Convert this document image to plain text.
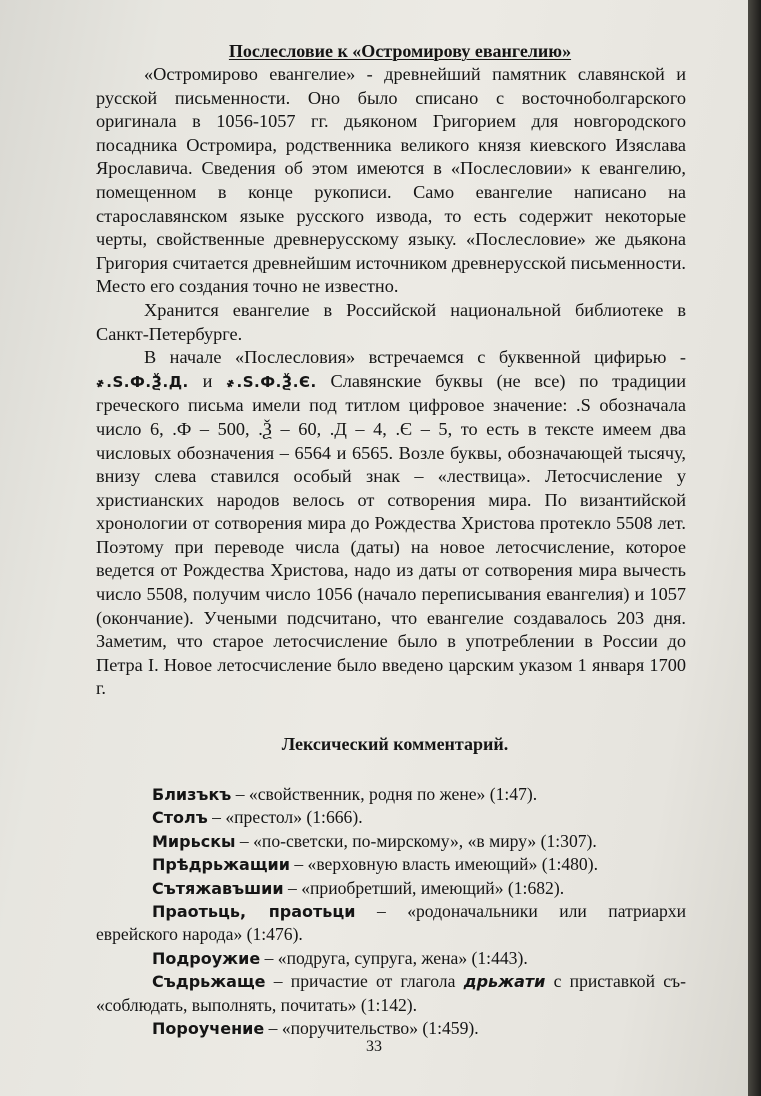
Послесловие к «Остромирову евангелию»

«Остромирово евангелие» - древнейший памятник славянской и русской письменности. Оно было списано с восточноболгарского оригинала в 1056-1057 гг. дьяконом Григорием для новгородского посадника Остромира, родственника великого князя киевского Изяслава Ярославича. Сведения об этом имеются в «Послесловии» к евангелию, помещенном в конце рукописи. Само евангелие написано на старославянском языке русского извода, то есть содержит некоторые черты, свойственные древнерусскому языку. «Послесловие» же дьякона Григория считается древнейшим источником древнерусской письменности. Место его создания точно не известно.

Хранится евангелие в Российской национальной библиотеке в Санкт-Петербурге.

В начале «Послесловия» встречаемся с буквенной цифирью - ҂.Ѕ.Ф.Ѯ.Д. и ҂.Ѕ.Ф.Ѯ.Є. Славянские буквы (не все) по традиции греческого письма имели под титлом цифровое значение: .Ѕ обозначала число 6, .Ф – 500, .Ѯ – 60, .Д – 4, .Є – 5, то есть в тексте имеем два числовых обозначения – 6564 и 6565. Возле буквы, обозначающей тысячу, внизу слева ставился особый знак – «лествица». Летосчисление у христианских народов велось от сотворения мира. По византийской хронологии от сотворения мира до Рождества Христова протекло 5508 лет. Поэтому при переводе числа (даты) на новое летосчисление, которое ведется от Рождества Христова, надо из даты от сотворения мира вычесть число 5508, получим число 1056 (начало переписывания евангелия) и 1057 (окончание). Учеными подсчитано, что евангелие создавалось 203 дня. Заметим, что старое летосчисление было в употреблении в России до Петра I. Новое летосчисление было введено царским указом 1 января 1700 г.

Лексический комментарий.

Близъкъ – «свойственник, родня по жене» (1:47).

Столъ – «престол» (1:666).

Мирьскы – «по-светски, по-мирскому», «в миру» (1:307).

Прѣдрьжащии – «верховную власть имеющий» (1:480).

Сътяжавъшии – «приобретший, имеющий» (1:682).

Праотьць, праотьци – «родоначальники или патриархи еврейского народа» (1:476).

Подроужие – «подруга, супруга, жена» (1:443).

Съдрьжаще – причастие от глагола дрьжати с приставкой съ- «соблюдать, выполнять, почитать» (1:142).

Пороучение – «поручительство» (1:459).

33
